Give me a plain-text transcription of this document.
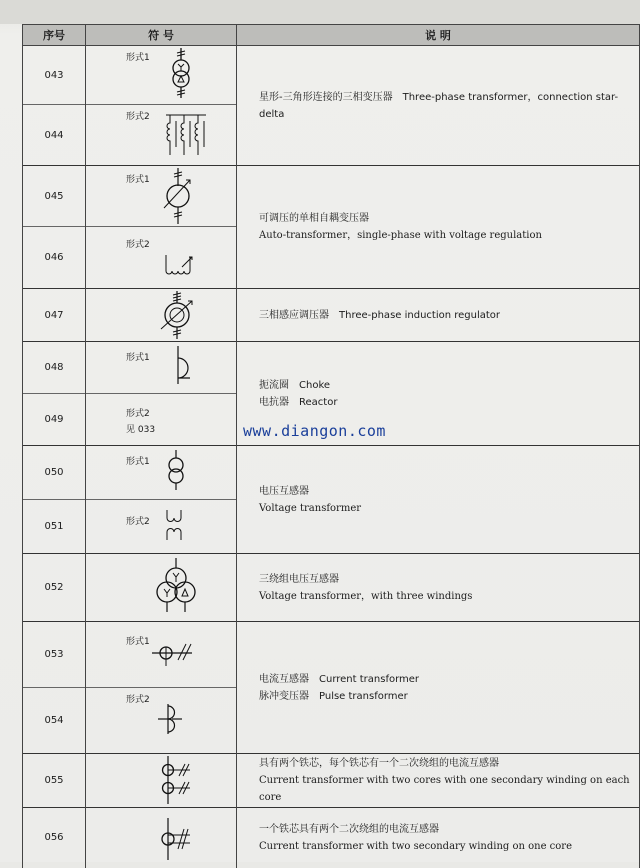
序号	符 号	说 明
043	形式1	星形-三角形连接的三相变压器　Three-phase transformer，connection star-delta
044	形式2	

045	形式1	可调压的单相自耦变压器
Auto-transformer，single-phase with voltage regulation

046	形式2	

047		三相感应调压器　Three-phase induction regulator
048	形式1	扼流圈　Choke
电抗器　Reactor

049	形式2
见 033	

050	形式1	电压互感器
Voltage transformer

051	形式2	

052		三绕组电压互感器
Voltage transformer，with three windings

053	形式1	电流互感器　Current transformer
脉冲变压器　Pulse transformer

054	形式2	

055		具有两个铁芯，每个铁芯有一个二次绕组的电流互感器
Current transformer with two cores with one secondary winding on each core

056		一个铁芯具有两个二次绕组的电流互感器
Current transformer with two secondary winding on one core
www.diangon.com
